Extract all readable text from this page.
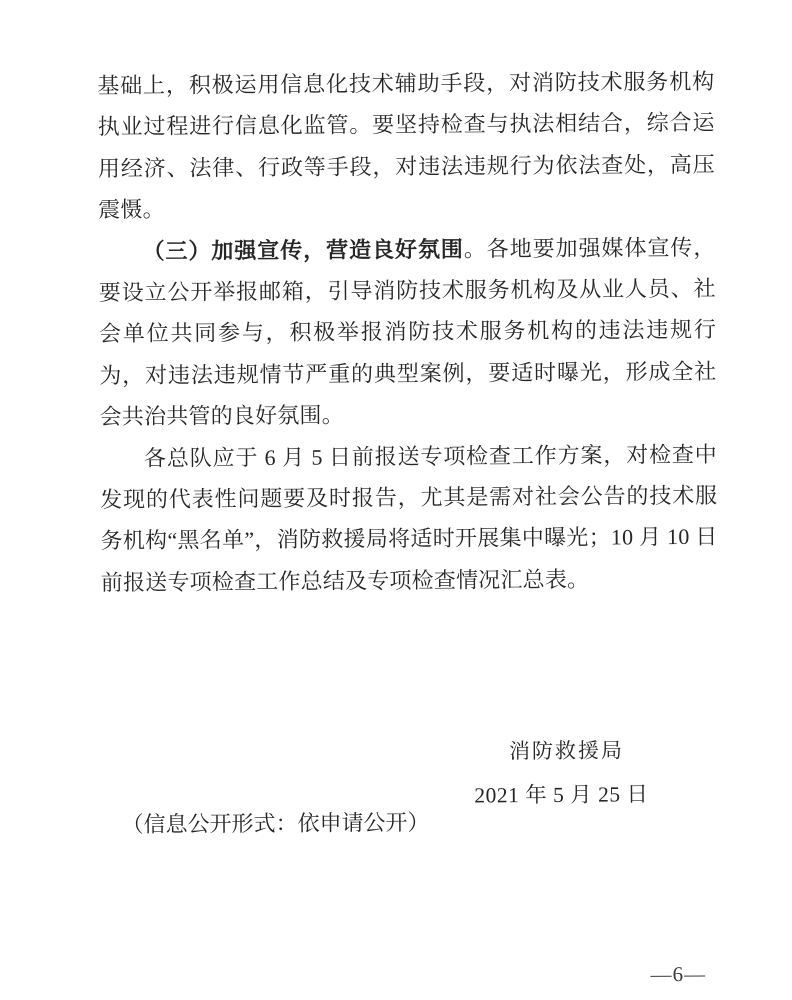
基础上，积极运用信息化技术辅助手段，对消防技术服务机构执业过程进行信息化监管。要坚持检查与执法相结合，综合运用经济、法律、行政等手段，对违法违规行为依法查处，高压震慑。

（三）加强宣传，营造良好氛围。各地要加强媒体宣传，要设立公开举报邮箱，引导消防技术服务机构及从业人员、社会单位共同参与，积极举报消防技术服务机构的违法违规行为，对违法违规情节严重的典型案例，要适时曝光，形成全社会共治共管的良好氛围。

各总队应于 6 月 5 日前报送专项检查工作方案，对检查中发现的代表性问题要及时报告，尤其是需对社会公告的技术服务机构“黑名单”，消防救援局将适时开展集中曝光；10 月 10 日前报送专项检查工作总结及专项检查情况汇总表。

消防救援局
2021 年 5 月 25 日
（信息公开形式：依申请公开）
—6—
